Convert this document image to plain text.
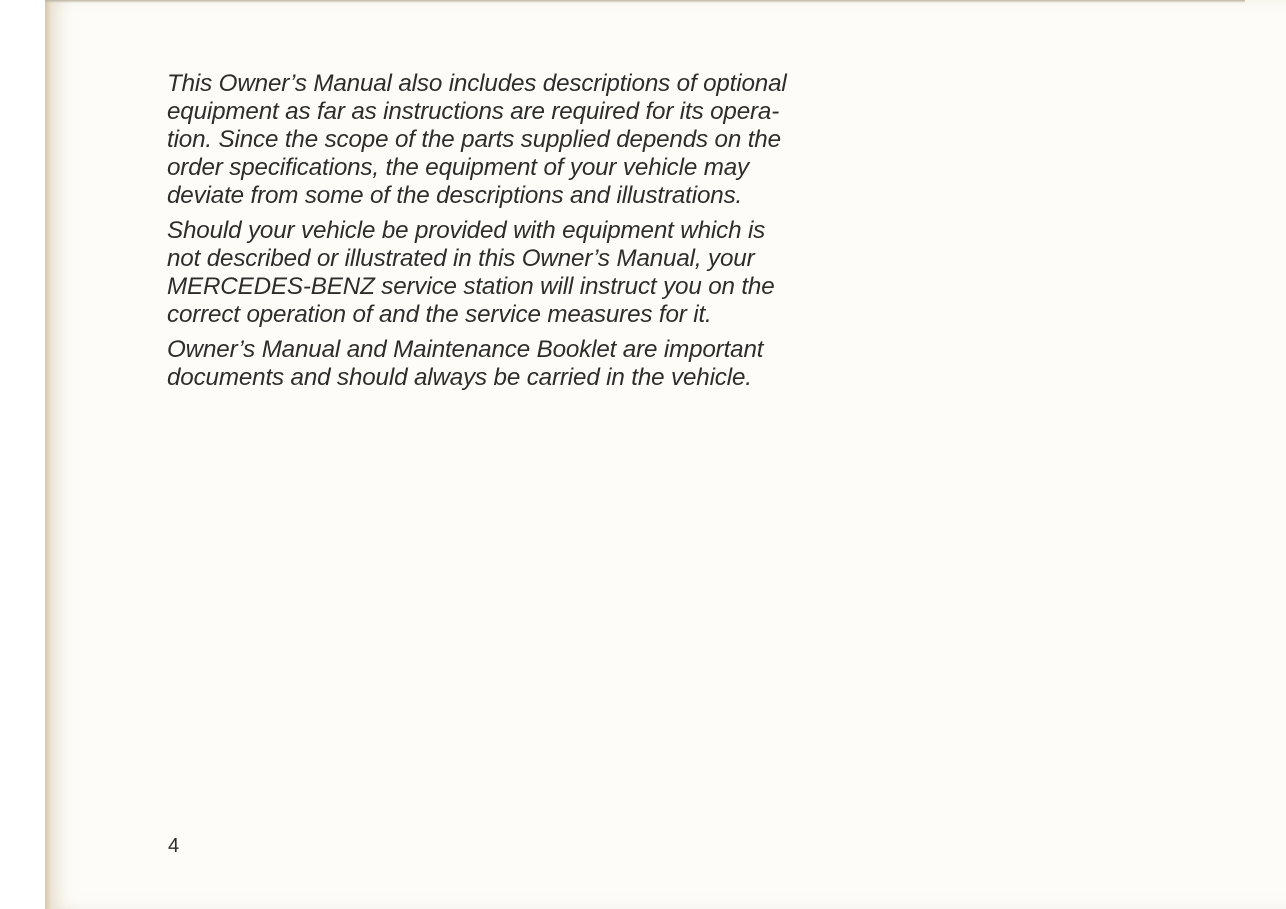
This Owner’s Manual also includes descriptions of optional
equipment as far as instructions are required for its opera-
tion. Since the scope of the parts supplied depends on the
order specifications, the equipment of your vehicle may
deviate from some of the descriptions and illustrations.

Should your vehicle be provided with equipment which is
not described or illustrated in this Owner’s Manual, your
MERCEDES-BENZ service station will instruct you on the
correct operation of and the service measures for it.

Owner’s Manual and Maintenance Booklet are important
documents and should always be carried in the vehicle.

4
